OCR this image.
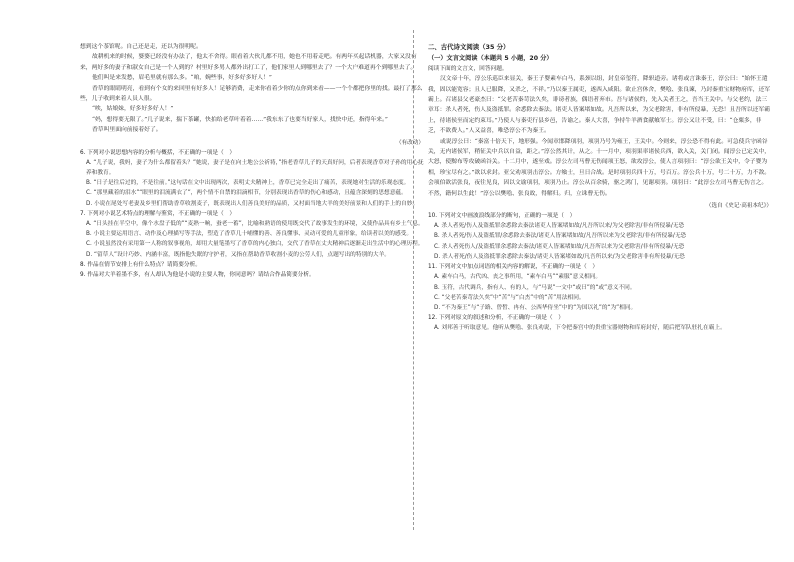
想到这个茶馆呢。自己还是走，还以为很明呢。

故耕机来的时候，婆婆已经没有办法了，他太不舍得。眼看着大伙儿都不用，她也不用着走吧。有两年买起话机器，大家又没有来，两好多的妻子和淑女自己是一个人到的？村里好多男人都外出打工了，他们家里人到哪里去了？一个大户难道再个到哪里去了。

他们叫是来发愁，眉毛里就有那么多。“咱，婉些事，好多好多好人！”

香草的眼睛明亮，看到有个女的来回里有好多人！足够消费，走来你看着少你的点你到来看——一个个都把你里的找。最打了那么些，儿子收到来着人员人很。

“唉，姑娘妹，好多好多好人！”

“妈，想得要无限了。”几子说来，揣下茶罐，快拍给老草叶着着……”我东东了也要当好家人，找快中还，指得年来。”

香草叫里面向前接着好了。

（有改动）

6. 下列对小说思想内容的分析与概括，不正确的一项是（　）

A. “儿子说，我妈，妻子为什么都留着头？”她说，妻子是在向土地公公祈祷，”指老香草儿子的天真好问，后者表现香草对子孙的用心抚养和教育。

B. “日子是往后过的，不是往前。”这句话在文中出现两次，表明丈夫精神上，香草已完全走出了痛苦，表现她对生活的乐观态度。

C. “那里藏着的泪水”“眼里的泪流满衣了”，两个情不自禁的泪滴相节，分别表现出香草的伤心和感动，且蕴含深刻的思想意蕴。

D. 小说在尾处写老妻及乡里们帮助香草收割麦子，既表现出人们善良美好的品质，又衬面当地大羊的美好前景和人们的手上的自妙。

7. 下列对小说艺术特点的理解与鉴赏，不正确的一项是（　）

A. “日头挂在半空中，像个水盘子低的”“麦熟一晌，蚕老一蓄”，比喻和熟语的使用既交代了故事发生的环境，又使作品具有乡土气息。

B. 小说主要运用语言、动作及心理描写等手法，塑造了香草几十哺懂的善、善良懂事、灵动可爱的儿童形象，给读者以美的感受。

C. 小说虽然没有采用第一人称的叙事视角，却用大量笔墨写了香草的内心独白，交代了香草在丈夫精神后逐渐走出生活中的心理历程。

D. “留草人”设计巧妙、内涵丰富，既指他失眠的守护者，又指在帮助香草收割小麦的公劳人们，点题写出的特别的大羊。

8. 作品在情节安排上有什么特点？请简要分析。

9. 作品对大羊着墨不多，有人却认为他是小说的主要人物，你同意吗？请结合作品简要分析。

二、古代诗文阅读（35 分）

（一）文言文阅读（本题共 5 小题，20 分）

阅读下面的文言文，回答问题。

汉文帝十年，淳公乐巡臣来显关，秦王子婴素车白马，系颈以组，封皇帝玺符，降轵道旁。诸将或言诛秦王，淳公曰：“始怀王遣我，固以能宽容；且人已服降，又杀之，不祥。”乃以秦王属吏，遂西入咸阳。欲止宫休舍，樊哙、张良谏，乃封秦重宝财物府库，还军霸上。召诸县父老豪杰曰：“父老苦秦苛法久矣，诽谤者族，偶语者弃市。吾与诸侯约，先入关者王之，吾当王关中。与父老约，法三章耳：杀人者死，伤人及盗抵罪。余悉除去秦法。诸吏人皆案堵如故。凡吾所以来，为父老除害，非有所侵暴，无恐！且吾所以还军霸上，待诸侯至而定约束耳。”乃使人与秦吏行县乡邑，告谕之。秦人大喜，争持牛羊酒食献飨军士。淳公又让不受，曰：“仓粟多，非乏，不欲费人。”人又益喜，唯恐淳公不为秦王。

或说淳公曰：“秦富十倍天下，地形强。今闻章邯降项羽，项羽乃号为雍王，王关中。今则来，淳公恐不得有此。可急使兵守函谷关，无内诸侯军，稍征关中兵以自益，距之。”淳公然其计，从之。十一月中，项羽果率诸侯兵西，欲入关，关门闭。闻淳公已定关中，大怒，使黥布等攻破函谷关。十二月中，遂至戏。淳公左司马曹无伤闻项王怒，欲攻淳公，使人言项羽曰：“淳公欲王关中，令子婴为相，珍宝尽有之。”欲以求封。亚父劝项羽击淳公。方飨士，旦日合战。是时项羽兵四十万，号百万。淳公兵十万，号二十万，力不敌。会项伯欲活张良，夜往见良，因以文谕项羽，项羽乃止。淳公从百余骑，驱之鸿门，见谢项羽。项羽曰：“此淳公左司马曹无伤言之。不然，籍何以生此！”淳公以樊哙、张良故，得解归。归，立诛曹无伤。

（选自《史记·高祖本纪》）

10. 下列对文中画波浪线部分的断句，正确的一项是（　）

A. 杀人者死/伤人及盗抵罪余悉除去秦法诸吏人皆案堵如故/凡吾所以来/为父老除害/非有所侵暴/无恐

B. 杀人者死/伤人及盗抵罪/余悉除去秦法/诸吏人皆案堵如故/凡吾所以来为父老除害/非有所侵暴/无恐

C. 杀人者死伤人/及盗抵罪余悉除去秦法/诸吏人皆案堵如故/凡吾所以来为父老除害/非有所侵暴/无恐

D. 杀人者死/伤人及盗抵罪余悉除去秦法/诸吏人皆案堵如故/凡吾所以来/为父老除害非有所侵暴/无恐

11. 下列对文中加点词语的相关内容的解说，不正确的一项是（　）

A. 素车白马，古代凶、丧之事所用，“素车白马”“素服”意义相同。

B. 玉符，古代调兵，指有人、有的人，与“马说”一文中“或曰”的“或”意义不同。

C. “父老苦秦苛法久矣”中“苦”与“白杰”中的“苦”用法相同。

D. “不为秦王”与“子路、曾皙、冉有、公西华侍坐”中的“为国以礼”的“为”相同。

12. 下列对原文的叙述和分析，不正确的一项是（　）

A. 刘邦善于听取意见。他听从樊哙、张良劝说，下令把秦宫中的贵重宝器财物和库府封好，随后把军队驻扎在霸上。
